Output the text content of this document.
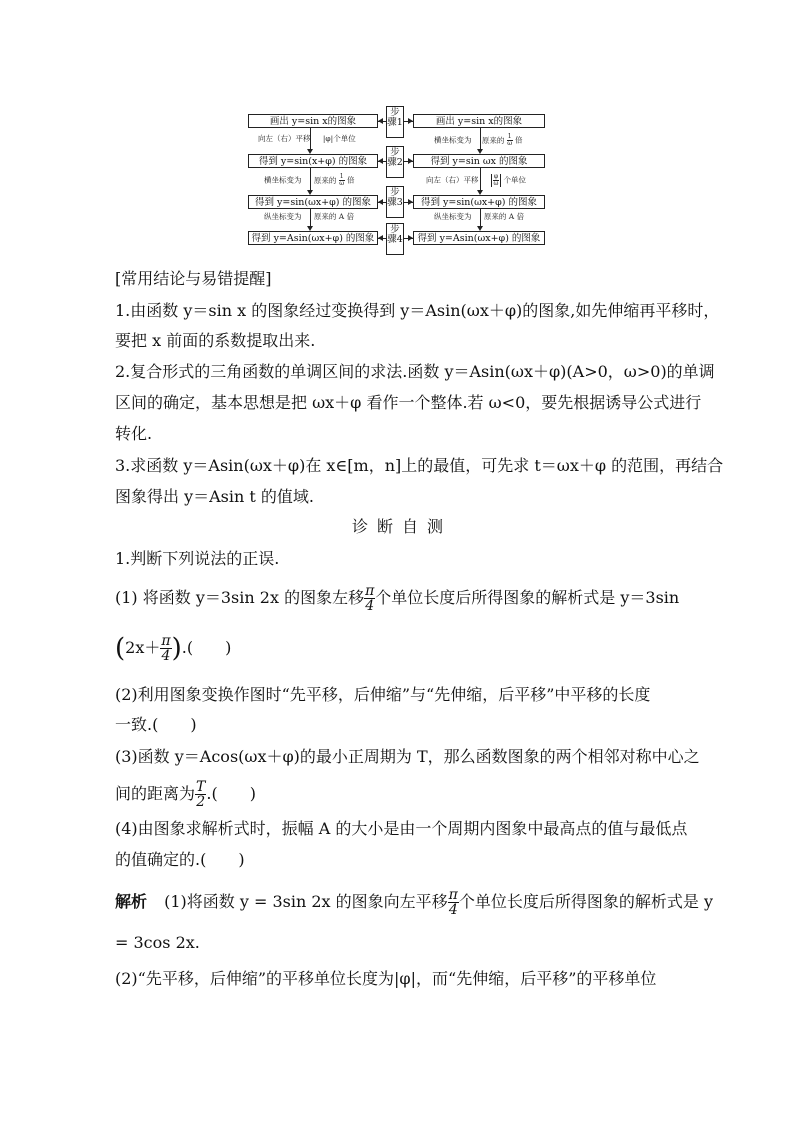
画出 y=sin x的图象
得到 y=sin(x+φ) 的图象
得到 y=sin(ωx+φ) 的图象
得到 y=Asin(ωx+φ) 的图象
画出 y=sin x的图象
得到 y=sin ωx 的图象
得到 y=sin(ωx+φ) 的图象
得到 y=Asin(ωx+φ) 的图象
步骤1
步骤2
步骤3
步骤4
向左（右）平移 |φ|个单位
横坐标变为 原来的 $\frac{1}{\omega}$ 倍
纵坐标变为 原来的 A 倍
横坐标变为 原来的 $\frac{1}{\omega}$ 倍
向左（右）平移 $\frac{\varphi}{\omega}$ 个单位
纵坐标变为 原来的 A 倍
[常用结论与易错提醒]
1.由函数 y＝sin x 的图象经过变换得到 y＝Asin(ωx＋φ)的图象,如先伸缩再平移时，
要把 x 前面的系数提取出来.
2.复合形式的三角函数的单调区间的求法.函数 y＝Asin(ωx＋φ)(A>0，ω>0)的单调
区间的确定，基本思想是把 ωx＋φ 看作一个整体.若 ω<0，要先根据诱导公式进行
转化.
3.求函数 y＝Asin(ωx＋φ)在 x∈[m，n]上的最值，可先求 t＝ωx＋φ 的范围，再结合
图象得出 y＝Asin t 的值域.
诊断自测
1.判断下列说法的正误.
(1) 将函数 y＝3sin 2x 的图象左移 $\frac{\pi}{4}$ 个单位长度后所得图象的解析式是 y＝3sin
($2x+ \frac{\pi}{4}$ ).(　　)
(2)利用图象变换作图时“先平移，后伸缩”与“先伸缩，后平移”中平移的长度
一致.(　　)
(3)函数 y＝Acos(ωx＋φ)的最小正周期为 T，那么函数图象的两个相邻对称中心之
间的距离为 $\frac{T}{2}$ .(　　)
(4)由图象求解析式时，振幅 A 的大小是由一个周期内图象中最高点的值与最低点
的值确定的.(　　)
解析 (1)将函数 y = 3sin 2x 的图象向左平移 $\frac{\pi}{4}$ 个单位长度后所得图象的解析式是 y
= 3cos 2x.
(2)“先平移，后伸缩”的平移单位长度为|φ|，而“先伸缩，后平移”的平移单位
